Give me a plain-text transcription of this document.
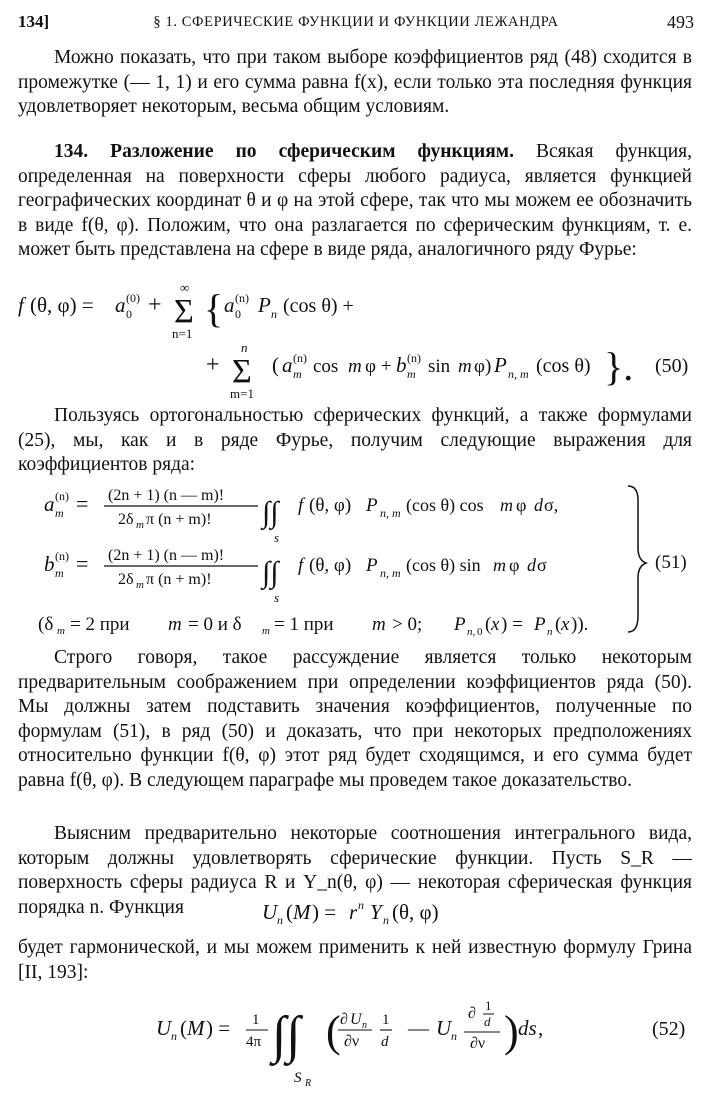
134]	§ 1. СФЕРИЧЕСКИЕ ФУНКЦИИ И ФУНКЦИИ ЛЕЖАНДРА	493
Можно показать, что при таком выборе коэффициентов ряд (48) сходится в промежутке (— 1, 1) и его сумма равна f(x), если только эта последняя функция удовлетворяет некоторым, весьма общим условиям.
134. Разложение по сферическим функциям. Всякая функция, определенная на поверхности сферы любого радиуса, является функцией географических координат θ и φ на этой сфере, так что мы можем ее обозначить в виде f(θ, φ). Положим, что она разлагается по сферическим функциям, т. е. может быть представлена на сфере в виде ряда, аналогичного ряду Фурье:
f (θ, φ) = a (0)
0 +
∞
Σ
n=1
{ a (n)
0 P n (cos θ) +
+
n
Σ
m=1
( a (n)
m cos m φ + b (n)
m sin m φ) P n, m (cos θ) }. (50)
Пользуясь ортогональностью сферических функций, а также формулами (25), мы, как и в ряде Фурье, получим следующие выражения для коэффициентов ряда:
a (n)
m = (2n + 1) (n — m)!
2δ m π (n + m)! ∫∫
s
f (θ, φ) P n, m (cos θ) cos m φ d σ,
b (n)
m = (2n + 1) (n — m)!
2δ m π (n + m)! ∫∫
s
f (θ, φ) P n, m (cos θ) sin m φ d σ
(δ m = 2 при m = 0 и δ m = 1 при m > 0; P n, 0 ( x ) = P n ( x )).
(51)
Строго говоря, такое рассуждение является только некоторым предварительным соображением при определении коэффициентов ряда (50). Мы должны затем подставить значения коэффициентов, полученные по формулам (51), в ряд (50) и доказать, что при некоторых предположениях относительно функции f(θ, φ) этот ряд будет сходящимся, и его сумма будет равна f(θ, φ). В следующем параграфе мы проведем такое доказательство.
Выясним предварительно некоторые соотношения интегрального вида, которым должны удовлетворять сферические функции. Пусть S_R — поверхность сферы радиуса R и Y_n(θ, φ) — некоторая сферическая функция порядка n. Функция	U n ( M ) = r n Y n (θ, φ)
будет гармонической, и мы можем применить к ней известную формулу Грина [II, 193]:
U n ( M ) = 1
4π ∫∫
S R
( ∂ U n
∂ν
1
d
— U n
∂ 1
d
∂ν ) ds ,	(52)
